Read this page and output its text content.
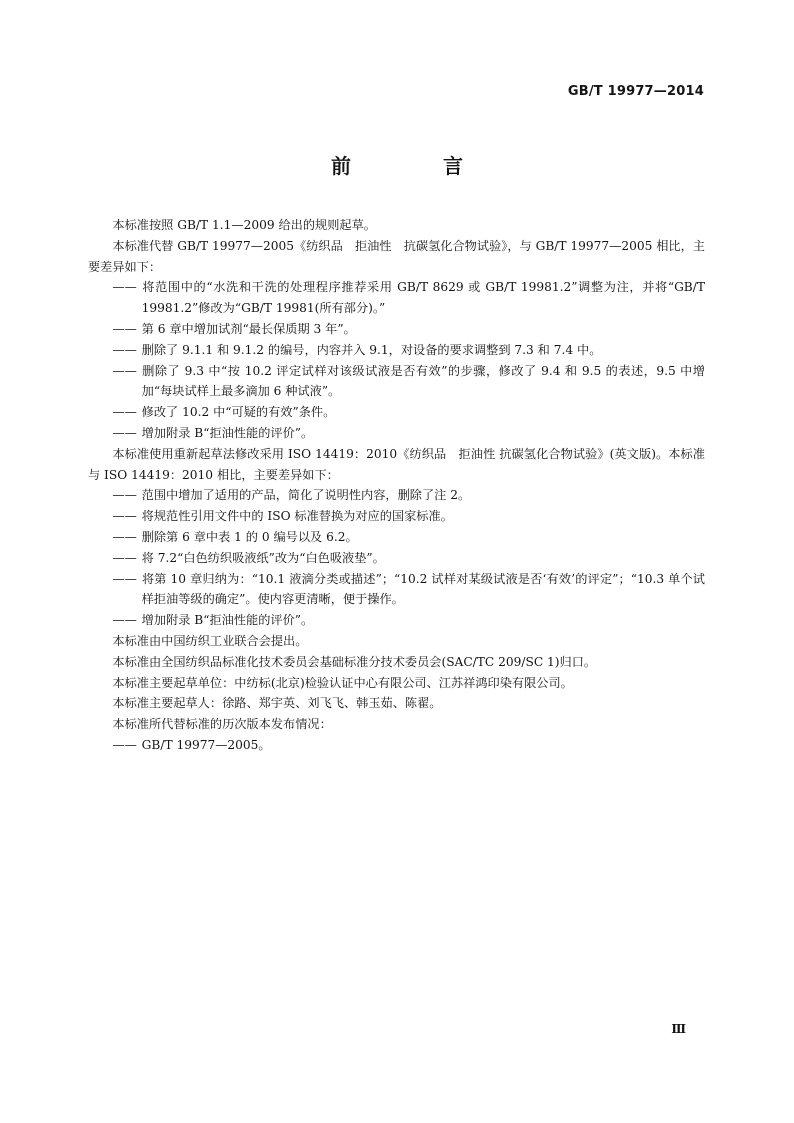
GB/T 19977—2014
前　言

本标准按照 GB/T 1.1—2009 给出的规则起草。

本标准代替 GB/T 19977—2005《纺织品　拒油性　抗碳氢化合物试验》，与 GB/T 19977—2005 相比，主要差异如下：

—— 将范围中的“水洗和干洗的处理程序推荐采用 GB/T 8629 或 GB/T 19981.2”调整为注，并将“GB/T 19981.2”修改为“GB/T 19981(所有部分)。”

—— 第 6 章中增加试剂“最长保质期 3 年”。

—— 删除了 9.1.1 和 9.1.2 的编号，内容并入 9.1，对设备的要求调整到 7.3 和 7.4 中。

—— 删除了 9.3 中“按 10.2 评定试样对该级试液是否有效”的步骤，修改了 9.4 和 9.5 的表述，9.5 中增加“每块试样上最多滴加 6 种试液”。

—— 修改了 10.2 中“可疑的有效”条件。

—— 增加附录 B“拒油性能的评价”。

本标准使用重新起草法修改采用 ISO 14419：2010《纺织品　拒油性 抗碳氢化合物试验》(英文版)。本标准与 ISO 14419：2010 相比，主要差异如下：

—— 范围中增加了适用的产品，简化了说明性内容，删除了注 2。

—— 将规范性引用文件中的 ISO 标准替换为对应的国家标准。

—— 删除第 6 章中表 1 的 0 编号以及 6.2。

—— 将 7.2“白色纺织吸液纸”改为“白色吸液垫”。

—— 将第 10 章归纳为：“10.1 液滴分类或描述”；“10.2 试样对某级试液是否‘有效’的评定”；“10.3 单个试样拒油等级的确定”。使内容更清晰，便于操作。

—— 增加附录 B“拒油性能的评价”。

本标准由中国纺织工业联合会提出。

本标准由全国纺织品标准化技术委员会基础标准分技术委员会(SAC/TC 209/SC 1)归口。

本标准主要起草单位：中纺标(北京)检验认证中心有限公司、江苏祥鸿印染有限公司。

本标准主要起草人：徐路、郑宇英、刘飞飞、韩玉茹、陈翟。

本标准所代替标准的历次版本发布情况：

—— GB/T 19977—2005。

Ⅲ
